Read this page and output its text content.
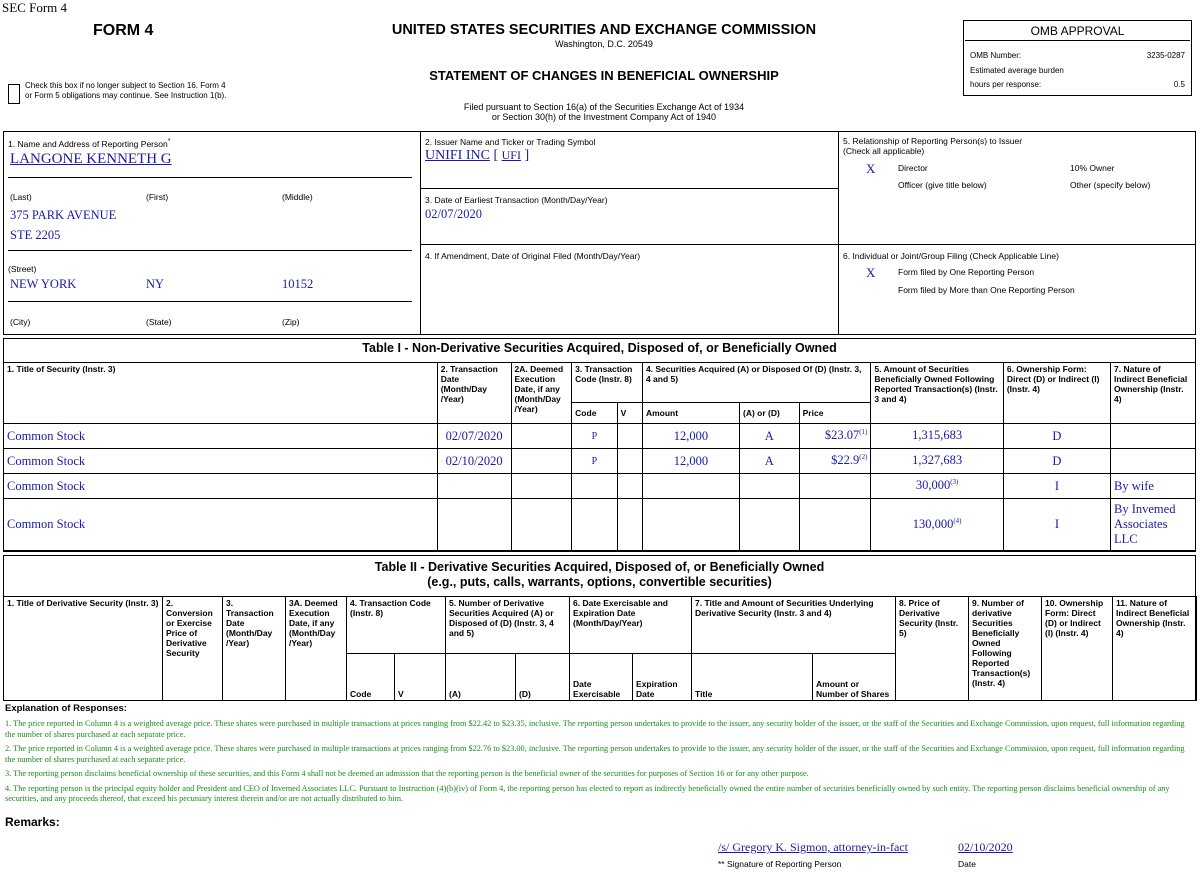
SEC Form 4
FORM 4	UNITED STATES SECURITIES AND EXCHANGE COMMISSION
Washington, D.C. 20549
STATEMENT OF CHANGES IN BENEFICIAL OWNERSHIP
Filed pursuant to Section 16(a) of the Securities Exchange Act of 1934
or Section 30(h) of the Investment Company Act of 1940
Check this box if no longer subject to Section 16. Form 4 or Form 5 obligations may continue. See Instruction 1(b).
OMB APPROVAL
OMB Number:	3235-0287
Estimated average burden
hours per response:	0.5
1. Name and Address of Reporting Person*
LANGONE KENNETH G
(Last)	(First)	(Middle)
375 PARK AVENUE
STE 2205
(Street)
NEW YORK	NY	10152
(City)	(State)	(Zip)
2. Issuer Name and Ticker or Trading Symbol
UNIFI INC [ UFI ]
3. Date of Earliest Transaction (Month/Day/Year)
02/07/2020
4. If Amendment, Date of Original Filed (Month/Day/Year)
5. Relationship of Reporting Person(s) to Issuer
(Check all applicable)
X	Director	10% Owner
Officer (give title below)	Other (specify below)
6. Individual or Joint/Group Filing (Check Applicable Line)
X	Form filed by One Reporting Person
Form filed by More than One Reporting Person
Table I - Non-Derivative Securities Acquired, Disposed of, or Beneficially Owned
1. Title of Security (Instr. 3)	2. Transaction Date (Month/Day /Year)	2A. Deemed Execution Date, if any (Month/Day /Year)	3. Transaction Code (Instr. 8)		4. Securities Acquired (A) or Disposed Of (D) (Instr. 3, 4 and 5)			5. Amount of Securities Beneficially Owned Following Reported Transaction(s) (Instr. 3 and 4)	6. Ownership Form: Direct (D) or Indirect (I) (Instr. 4)	7. Nature of Indirect Beneficial Ownership (Instr. 4)
			Code	V	Amount	(A) or (D)	Price			
Common Stock	02/07/2020		P		12,000	A	$23.07$^{(1)}$	1,315,683	D	
Common Stock	02/10/2020		P		12,000	A	$22.9$^{(2)}$	1,327,683	D	
Common Stock								30,000$^{(3)}$	I	By wife
Common Stock								130,000$^{(4)}$	I	By Invemed Associates LLC
Table II - Derivative Securities Acquired, Disposed of, or Beneficially Owned
(e.g., puts, calls, warrants, options, convertible securities)
1. Title of Derivative Security (Instr. 3)	2. Conversion or Exercise Price of Derivative Security	3. Transaction Date (Month/Day /Year)	3A. Deemed Execution Date, if any (Month/Day /Year)	4. Transaction Code (Instr. 8)		5. Number of Derivative Securities Acquired (A) or Disposed of (D) (Instr. 3, 4 and 5)		6. Date Exercisable and Expiration Date (Month/Day/Year)		7. Title and Amount of Securities Underlying Derivative Security (Instr. 3 and 4)		8. Price of Derivative Security (Instr. 5)	9. Number of derivative Securities Beneficially Owned Following Reported Transaction(s) (Instr. 4)	10. Ownership Form: Direct (D) or Indirect (I) (Instr. 4)	11. Nature of Indirect Beneficial Ownership (Instr. 4)
				Code	V	(A)	(D)	Date Exercisable	Expiration Date	Title	Amount or Number of Shares				
Explanation of Responses:
1. The price reported in Column 4 is a weighted average price. These shares were purchased in multiple transactions at prices ranging from $22.42 to $23.35, inclusive. The reporting person undertakes to provide to the issuer, any security holder of the issuer, or the staff of the Securities and Exchange Commission, upon request, full information regarding the number of shares purchased at each separate price.
2. The price reported in Column 4 is a weighted average price. These shares were purchased in multiple transactions at prices ranging from $22.76 to $23.00, inclusive. The reporting person undertakes to provide to the issuer, any security holder of the issuer, or the staff of the Securities and Exchange Commission, upon request, full information regarding the number of shares purchased at each separate price.
3. The reporting person disclaims beneficial ownership of these securities, and this Form 4 shall not be deemed an admission that the reporting person is the beneficial owner of the securities for purposes of Section 16 or for any other purpose.
4. The reporting person is the principal equity holder and President and CEO of Invemed Associates LLC. Pursuant to Instruction (4)(b)(iv) of Form 4, the reporting person has elected to report as indirectly beneficially owned the entire number of securities beneficially owned by such entity. The reporting person disclaims beneficial ownership of any securities, and any proceeds thereof, that exceed his pecuniary interest therein and/or are not actually distributed to him.
Remarks:
/s/ Gregory K. Sigmon, attorney-in-fact
** Signature of Reporting Person
02/10/2020
Date
